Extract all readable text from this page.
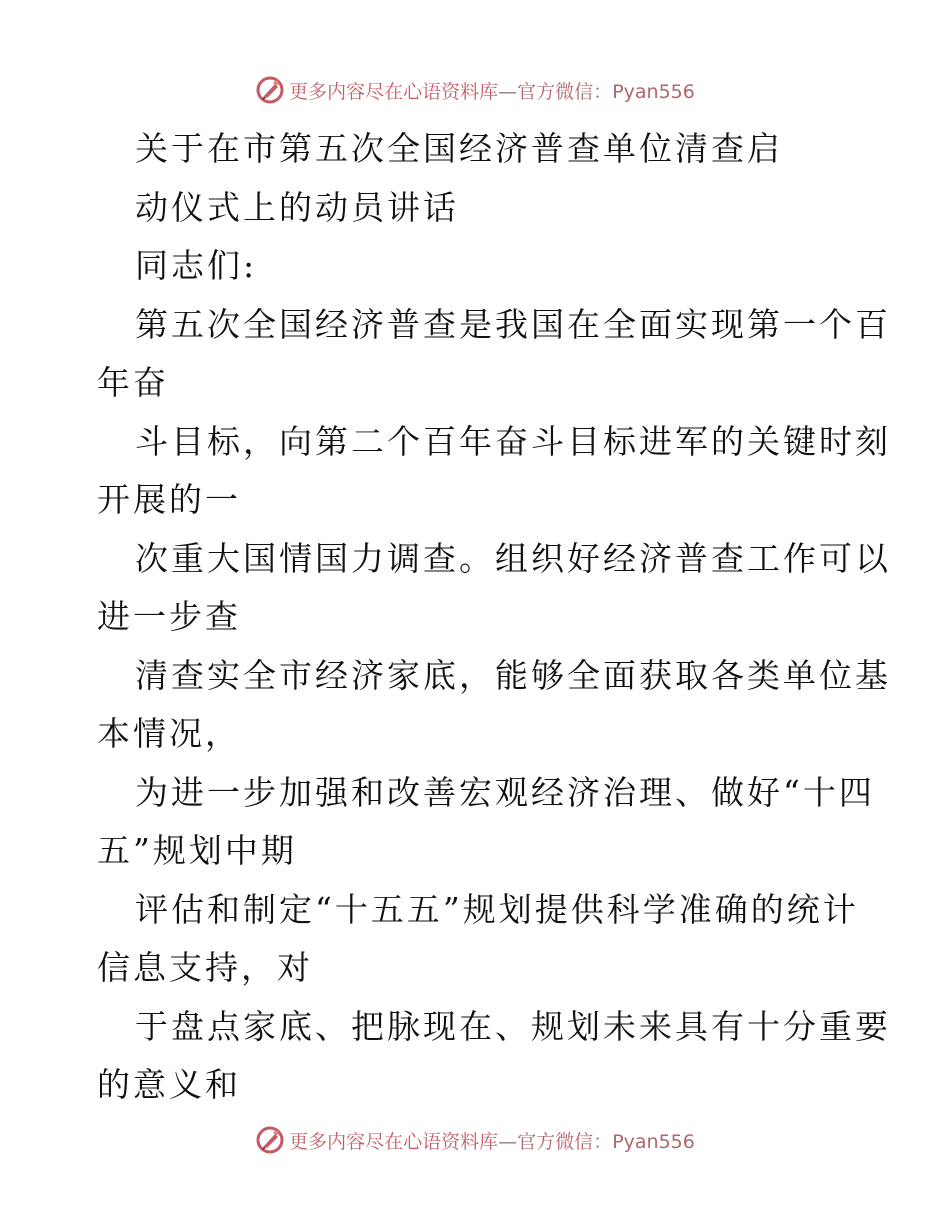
更多内容尽在心语资料库—官方微信：Pyan556
关于在市第五次全国经济普查单位清查启
动仪式上的动员讲话
同志们:
第五次全国经济普查是我国在全面实现第一个百
年奋
斗目标，向第二个百年奋斗目标进军的关键时刻
开展的一
次重大国情国力调查。组织好经济普查工作可以
进一步查
清查实全市经济家底，能够全面获取各类单位基
本情况，
为进一步加强和改善宏观经济治理、做好“十四
五”规划中期
评估和制定“十五五”规划提供科学准确的统计
信息支持，对
于盘点家底、把脉现在、规划未来具有十分重要
的意义和
更多内容尽在心语资料库—官方微信：Pyan556
